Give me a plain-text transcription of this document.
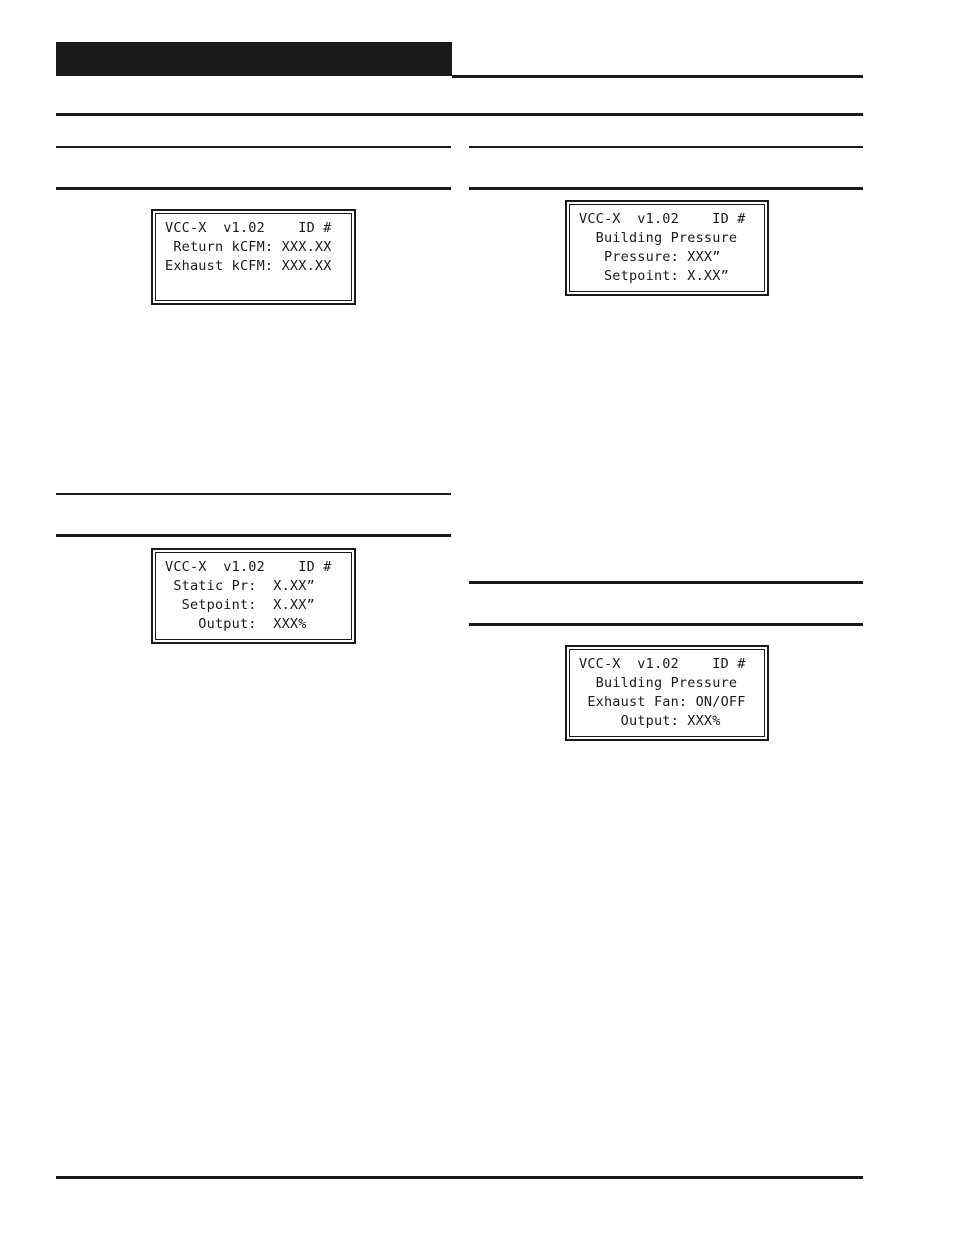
VCC-X  v1.02    ID #
Return kCFM: XXX.XX
Exhaust kCFM: XXX.XX
VCC-X  v1.02    ID #
Static Pr:  X.XX”
Setpoint:  X.XX”
Output:  XXX%
VCC-X  v1.02    ID #
Building Pressure
Pressure: XXX”
Setpoint: X.XX”
VCC-X  v1.02    ID #
Building Pressure
Exhaust Fan: ON/OFF
Output: XXX%
